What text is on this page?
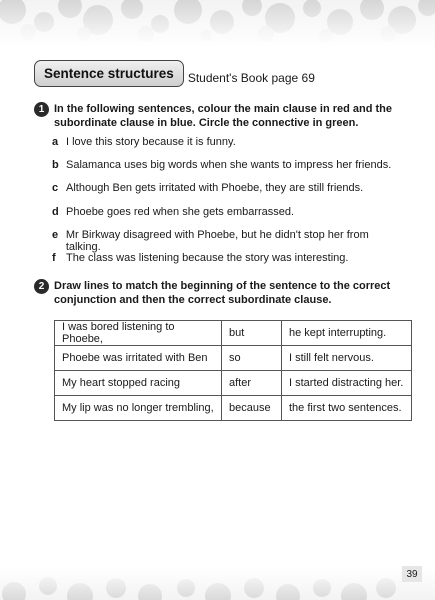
Sentence structures	Student's Book page 69
1 In the following sentences, colour the main clause in red and the subordinate clause in blue. Circle the connective in green.
a I love this story because it is funny.
b Salamanca uses big words when she wants to impress her friends.
c Although Ben gets irritated with Phoebe, they are still friends.
d Phoebe goes red when she gets embarrassed.
e Mr Birkway disagreed with Phoebe, but he didn't stop her from talking.
f The class was listening because the story was interesting.
2 Draw lines to match the beginning of the sentence to the correct conjunction and then the correct subordinate clause.
I was bored listening to Phoebe,	but	he kept interrupting.
Phoebe was irritated with Ben	so	I still felt nervous.
My heart stopped racing	after	I started distracting her.
My lip was no longer trembling,	because	the first two sentences.
39
